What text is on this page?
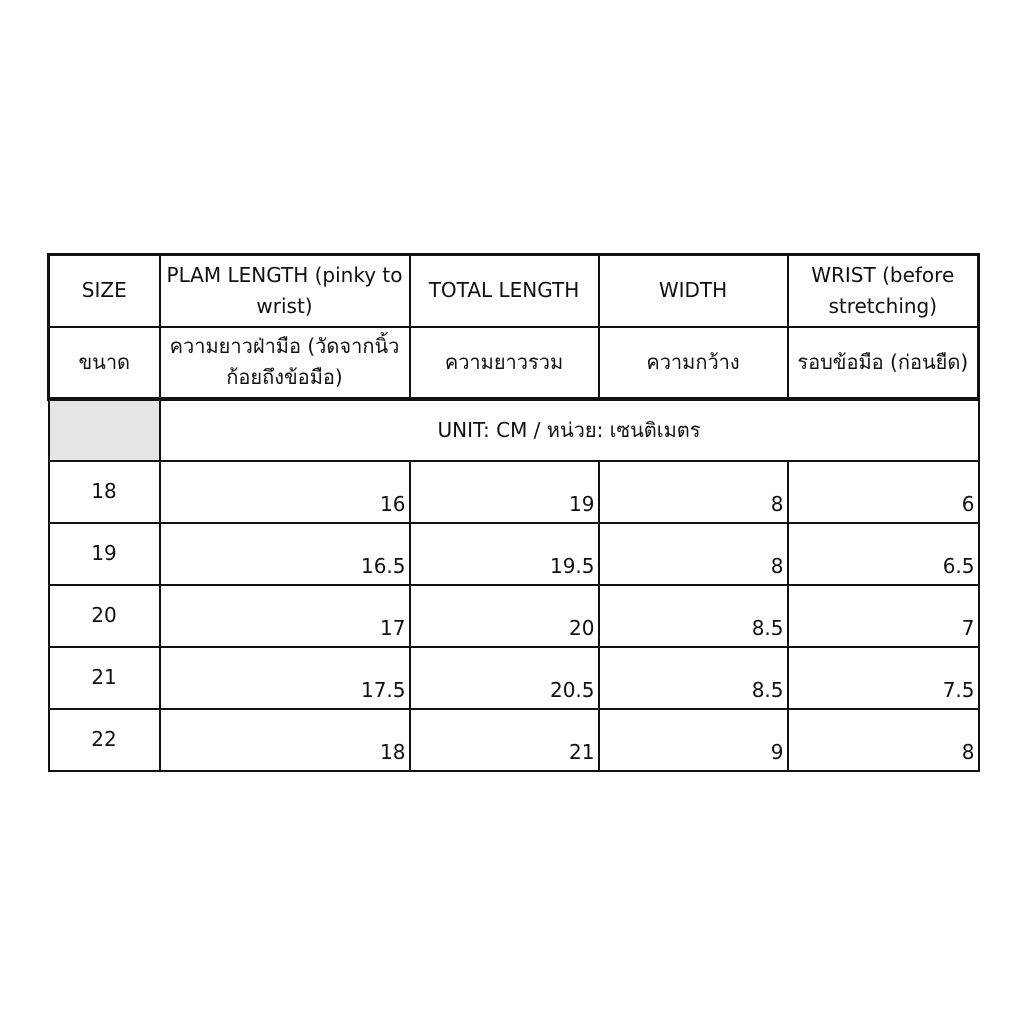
SIZE	PLAM LENGTH (pinky to wrist)	TOTAL LENGTH	WIDTH	WRIST (before stretching)
ขนาด	ความยาวฝ่ามือ (วัดจากนิ้วก้อยถึงข้อมือ)	ความยาวรวม	ความกว้าง	รอบข้อมือ (ก่อนยืด)
	UNIT: CM / หน่วย: เซนติเมตร			
18	16	19	8	6
19	16.5	19.5	8	6.5
20	17	20	8.5	7
21	17.5	20.5	8.5	7.5
22	18	21	9	8
